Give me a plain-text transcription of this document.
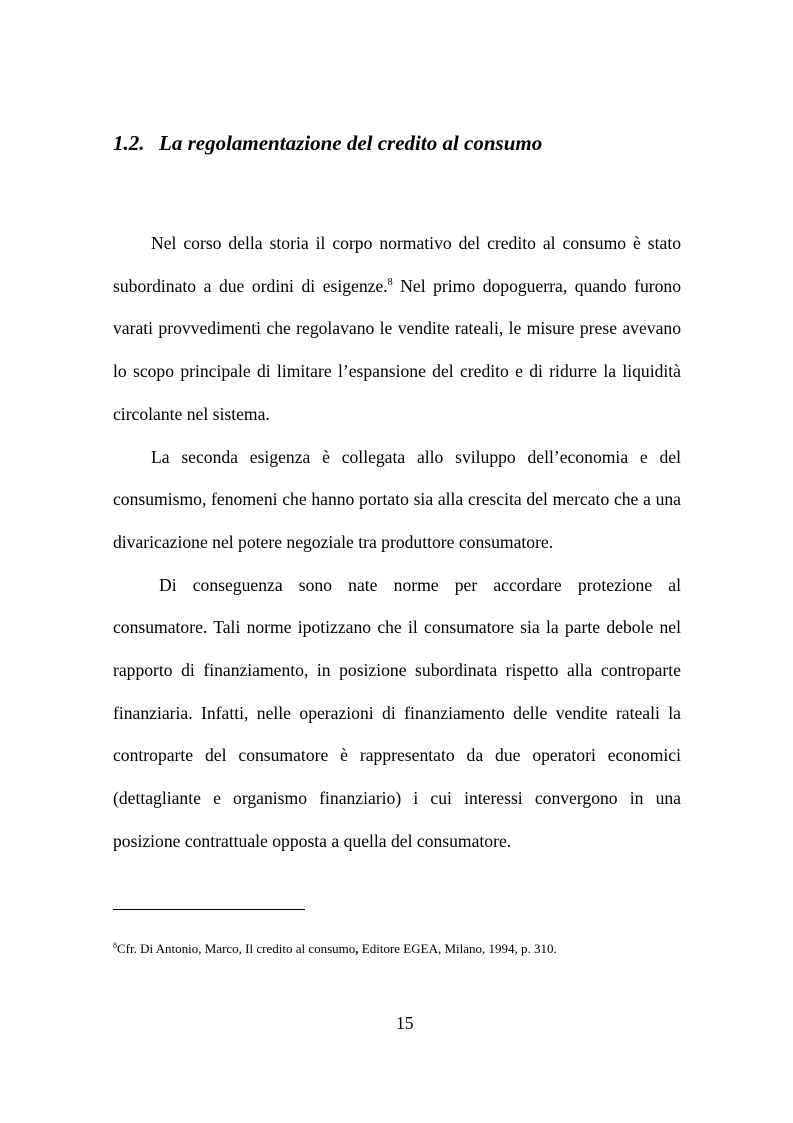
1.2. La regolamentazione del credito al consumo

Nel corso della storia il corpo normativo del credito al consumo è stato subordinato a due ordini di esigenze.$^8$ Nel primo dopoguerra, quando furono varati provvedimenti che regolavano le vendite rateali, le misure prese avevano lo scopo principale di limitare l’espansione del credito e di ridurre la liquidità circolante nel sistema.

La seconda esigenza è collegata allo sviluppo dell’economia e del consumismo, fenomeni che hanno portato sia alla crescita del mercato che a una divaricazione nel potere negoziale tra produttore consumatore.

Di conseguenza sono nate norme per accordare protezione al consumatore. Tali norme ipotizzano che il consumatore sia la parte debole nel rapporto di finanziamento, in posizione subordinata rispetto alla controparte finanziaria. Infatti, nelle operazioni di finanziamento delle vendite rateali la controparte del consumatore è rappresentato da due operatori economici (dettagliante e organismo finanziario) i cui interessi convergono in una posizione contrattuale opposta a quella del consumatore.

$^8$Cfr. Di Antonio, Marco, Il credito al consumo, Editore EGEA, Milano, 1994, p. 310.
15
